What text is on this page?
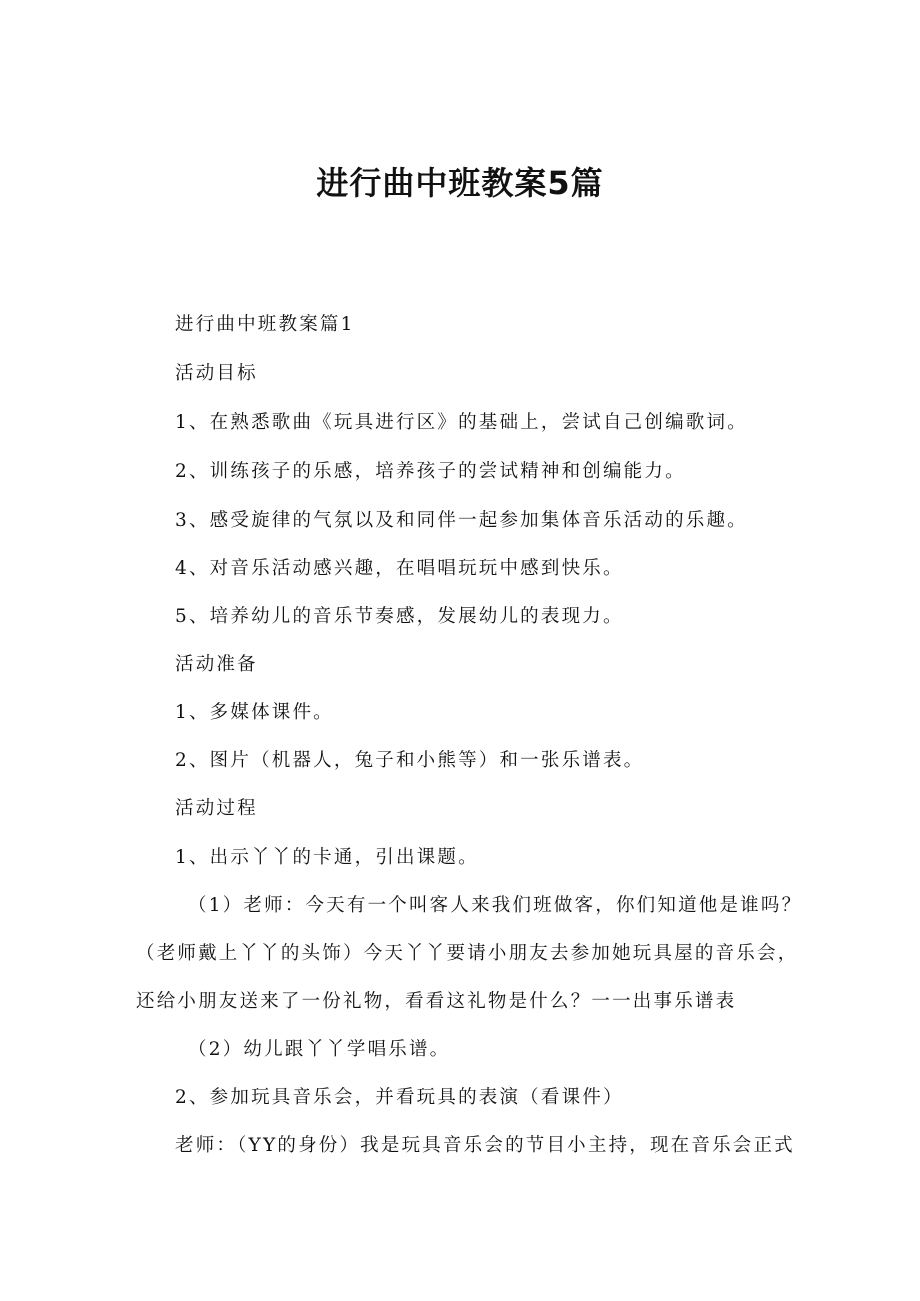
进行曲中班教案5篇
进行曲中班教案篇1
活动目标
1、在熟悉歌曲《玩具进行区》的基础上，尝试自己创编歌词。
2、训练孩子的乐感，培养孩子的尝试精神和创编能力。
3、感受旋律的气氛以及和同伴一起参加集体音乐活动的乐趣。
4、对音乐活动感兴趣，在唱唱玩玩中感到快乐。
5、培养幼儿的音乐节奏感，发展幼儿的表现力。
活动准备
1、多媒体课件。
2、图片（机器人，兔子和小熊等）和一张乐谱表。
活动过程
1、出示丫丫的卡通，引出课题。
（1）老师：今天有一个叫客人来我们班做客，你们知道他是谁吗？
（老师戴上丫丫的头饰）今天丫丫要请小朋友去参加她玩具屋的音乐会，
还给小朋友送来了一份礼物，看看这礼物是什么？一一出事乐谱表
（2）幼儿跟丫丫学唱乐谱。
2、参加玩具音乐会，并看玩具的表演（看课件）
老师：（YY的身份）我是玩具音乐会的节目小主持，现在音乐会正式
